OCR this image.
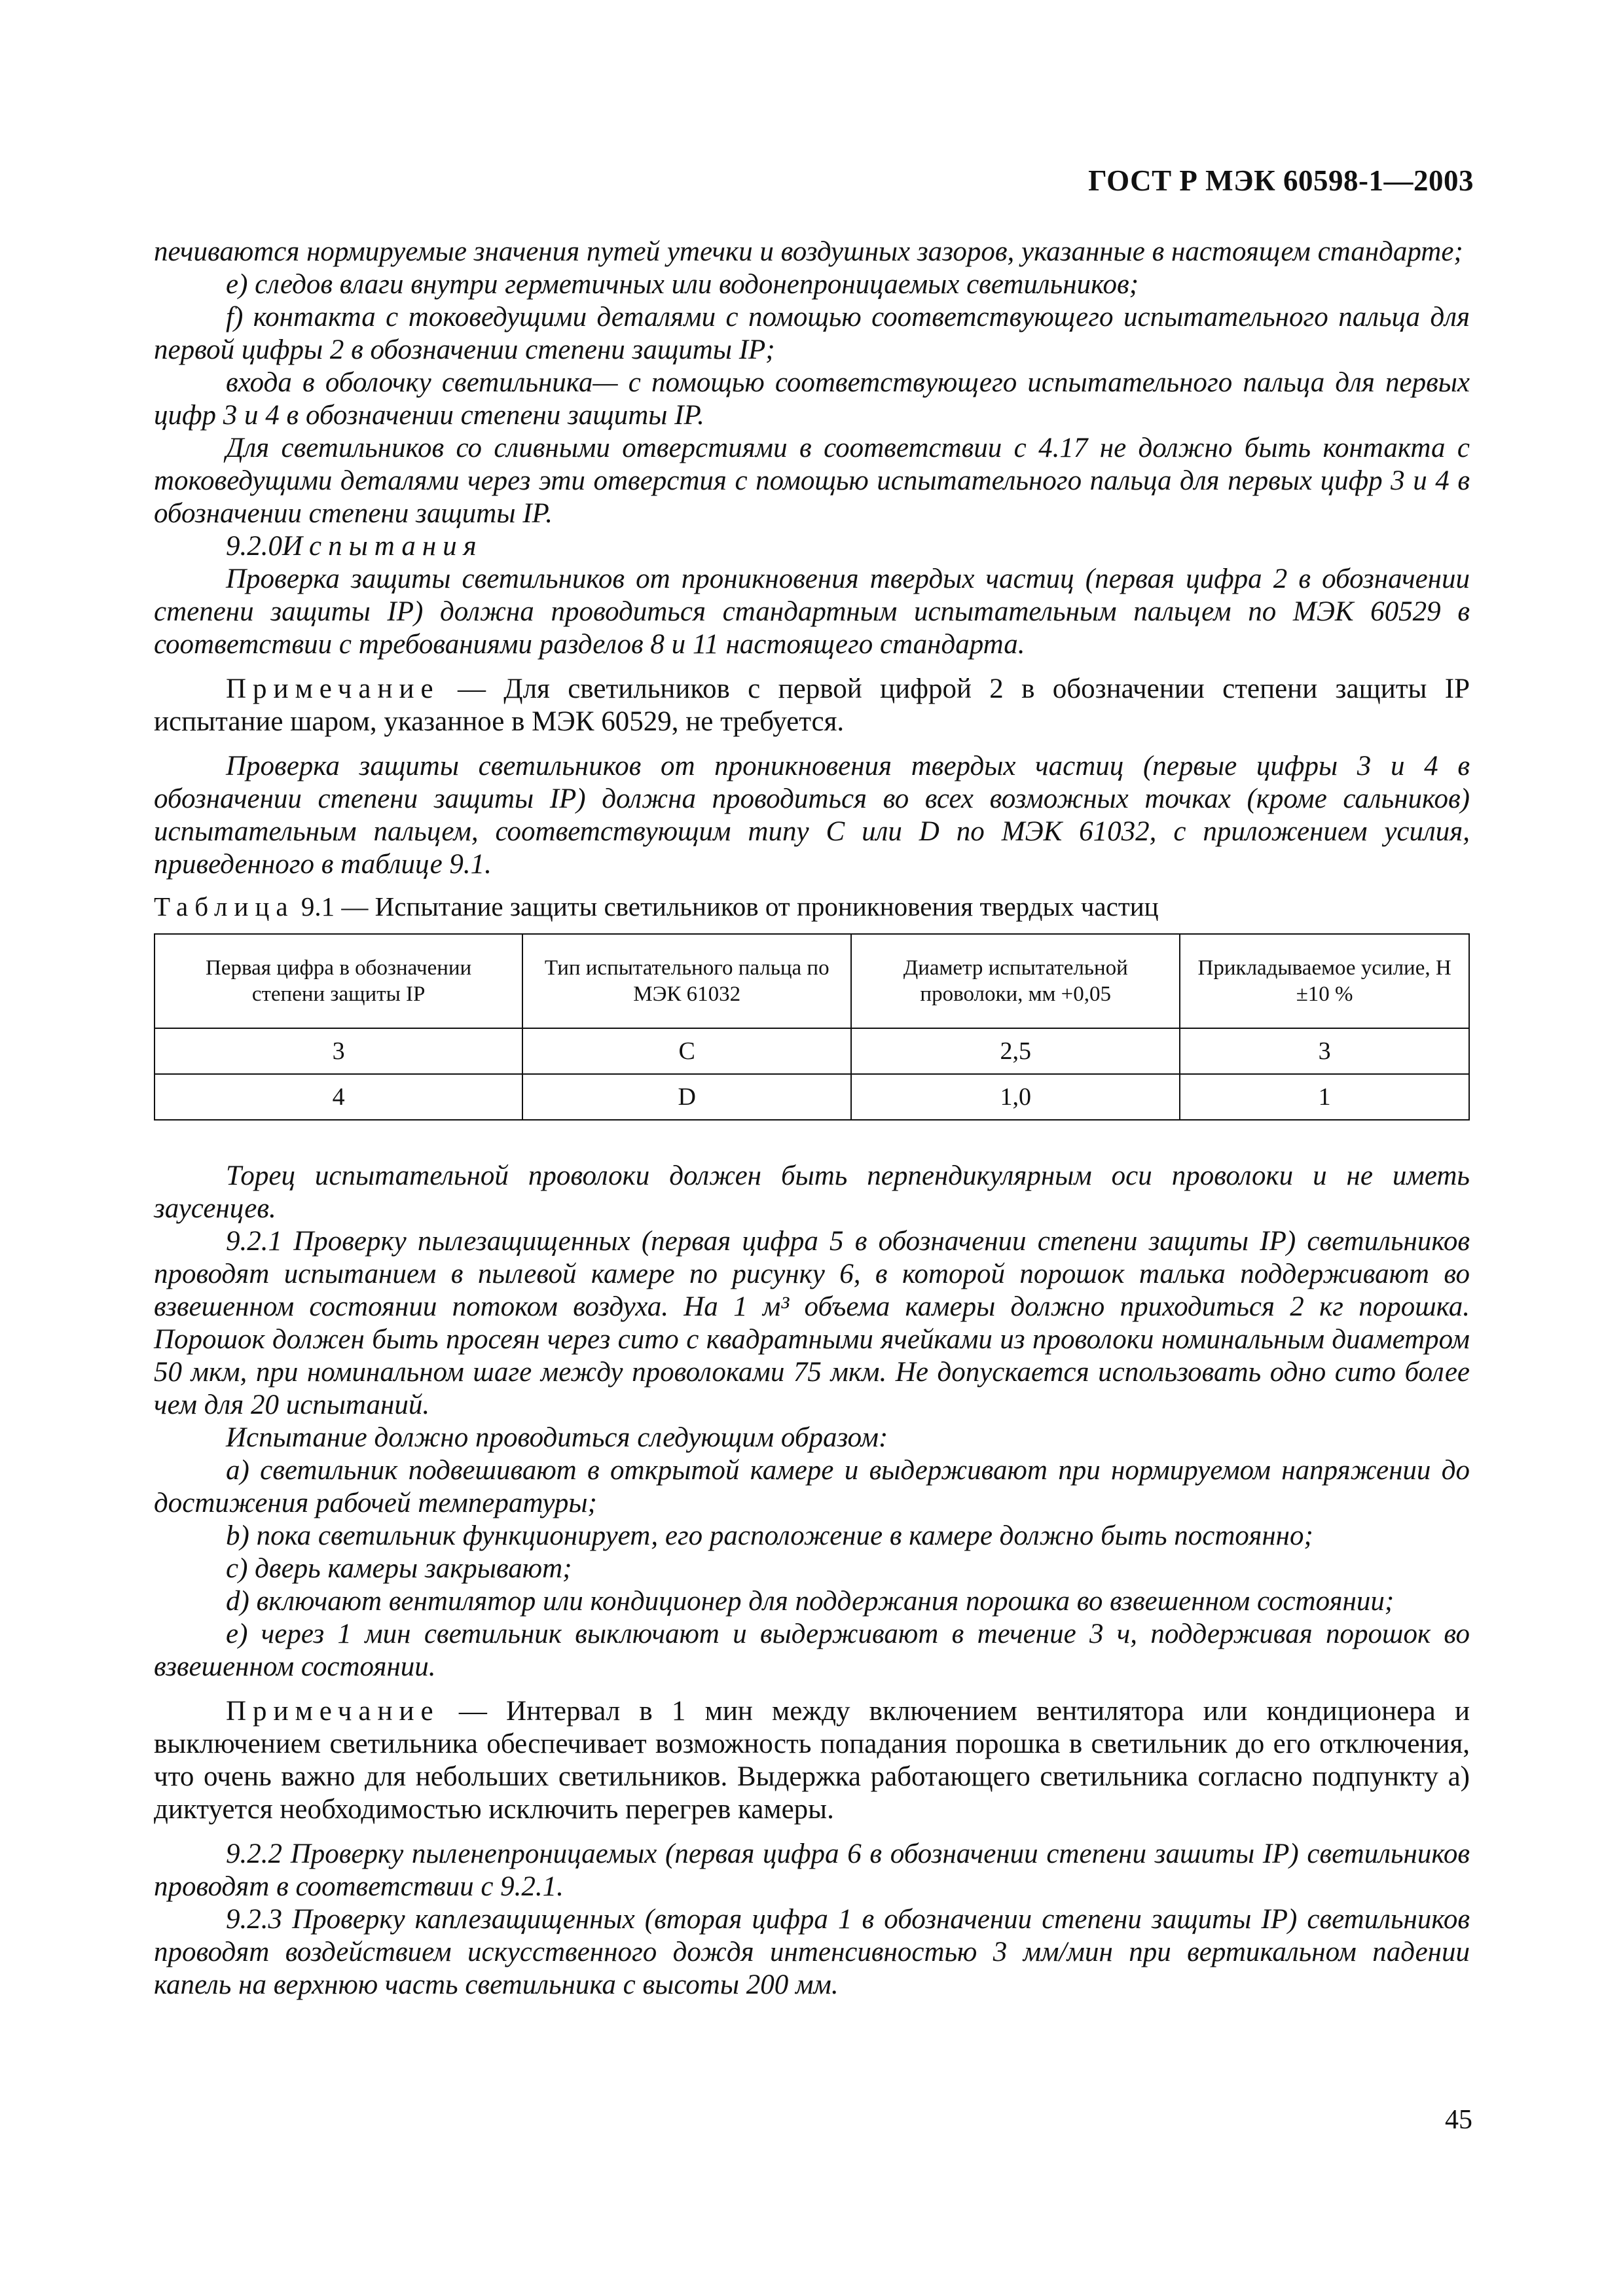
ГОСТ Р МЭК 60598-1—2003

печиваются нормируемые значения путей утечки и воздушных зазоров, указанные в настоящем стандарте;

e) следов влаги внутри герметичных или водонепроницаемых светильников;

f) контакта с токоведущими деталями с помощью соответствующего испытательного пальца для первой цифры 2 в обозначении степени защиты IP;

входа в оболочку светильника— с помощью соответствующего испытательного пальца для первых цифр 3 и 4 в обозначении степени защиты IP.

Для светильников со сливными отверстиями в соответствии с 4.17 не должно быть контакта с токоведущими деталями через эти отверстия с помощью испытательного пальца для первых цифр 3 и 4 в обозначении степени защиты IP.

9.2.0Испытания

Проверка защиты светильников от проникновения твердых частиц (первая цифра 2 в обозначении степени защиты IP) должна проводиться стандартным испытательным пальцем по МЭК 60529 в соответствии с требованиями разделов 8 и 11 настоящего стандарта.

Примечание — Для светильников с первой цифрой 2 в обозначении степени защиты IP испытание шаром, указанное в МЭК 60529, не требуется.

Проверка защиты светильников от проникновения твердых частиц (первые цифры 3 и 4 в обозначении степени защиты IP) должна проводиться во всех возможных точках (кроме сальников) испытательным пальцем, соответствующим типу C или D по МЭК 61032, с приложением усилия, приведенного в таблице 9.1.

Таблица 9.1 — Испытание защиты светильников от проникновения твердых частиц

Первая цифра в обозначении степени защиты IP	Тип испытательного пальца по МЭК 61032	Диаметр испытательной проволоки, мм +0,05	Прикладываемое усилие, Н ±10 %
3	C	2,5	3
4	D	1,0	1

Торец испытательной проволоки должен быть перпендикулярным оси проволоки и не иметь заусенцев.

9.2.1 Проверку пылезащищенных (первая цифра 5 в обозначении степени защиты IP) светильников проводят испытанием в пылевой камере по рисунку 6, в которой порошок талька поддерживают во взвешенном состоянии потоком воздуха. На 1 м³ объема камеры должно приходиться 2 кг порошка. Порошок должен быть просеян через сито с квадратными ячейками из проволоки номинальным диаметром 50 мкм, при номинальном шаге между проволоками 75 мкм. Не допускается использовать одно сито более чем для 20 испытаний.

Испытание должно проводиться следующим образом:

a) светильник подвешивают в открытой камере и выдерживают при нормируемом напряжении до достижения рабочей температуры;

b) пока светильник функционирует, его расположение в камере должно быть постоянно;

c) дверь камеры закрывают;

d) включают вентилятор или кондиционер для поддержания порошка во взвешенном состоянии;

e) через 1 мин светильник выключают и выдерживают в течение 3 ч, поддерживая порошок во взвешенном состоянии.

Примечание — Интервал в 1 мин между включением вентилятора или кондиционера и выключением светильника обеспечивает возможность попадания порошка в светильник до его отключения, что очень важно для небольших светильников. Выдержка работающего светильника согласно подпункту а) диктуется необходимостью исключить перегрев камеры.

9.2.2 Проверку пыленепроницаемых (первая цифра 6 в обозначении степени зашиты IP) светильников проводят в соответствии с 9.2.1.

9.2.3 Проверку каплезащищенных (вторая цифра 1 в обозначении степени защиты IP) светильников проводят воздействием искусственного дождя интенсивностью 3 мм/мин при вертикальном падении капель на верхнюю часть светильника с высоты 200 мм.

45
